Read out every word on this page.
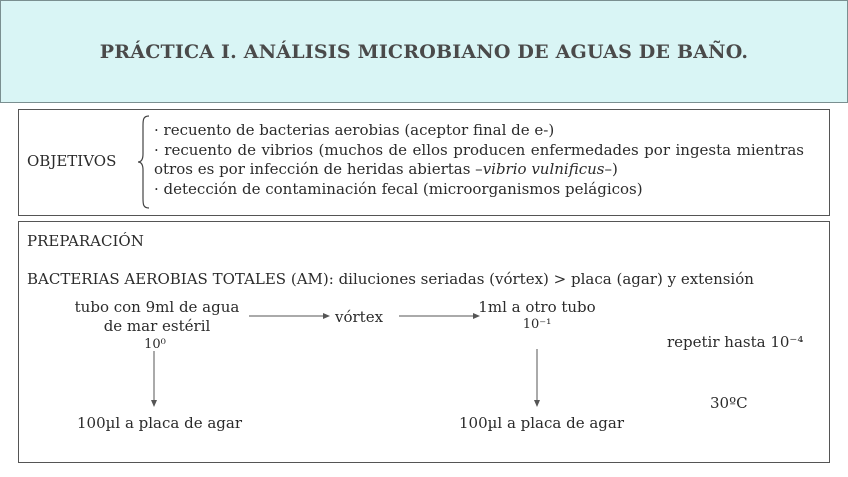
PRÁCTICA I. ANÁLISIS MICROBIANO DE AGUAS DE BAÑO.
OBJETIVOS
· recuento de bacterias aerobias (aceptor final de e-)
· recuento de vibrios (muchos de ellos producen enfermedades por ingesta mientras otros es por infección de heridas abiertas –vibrio vulnificus–)
· detección de contaminación fecal (microorganismos pelágicos)
PREPARACIÓN
BACTERIAS AEROBIAS TOTALES (AM): diluciones seriadas (vórtex) > placa (agar) y extensión
tubo con 9ml de agua
de mar estéril
10⁰
vórtex
1ml a otro tubo
10⁻¹
repetir hasta 10⁻⁴
30ºC
100µl a placa de agar	100µl a placa de agar
